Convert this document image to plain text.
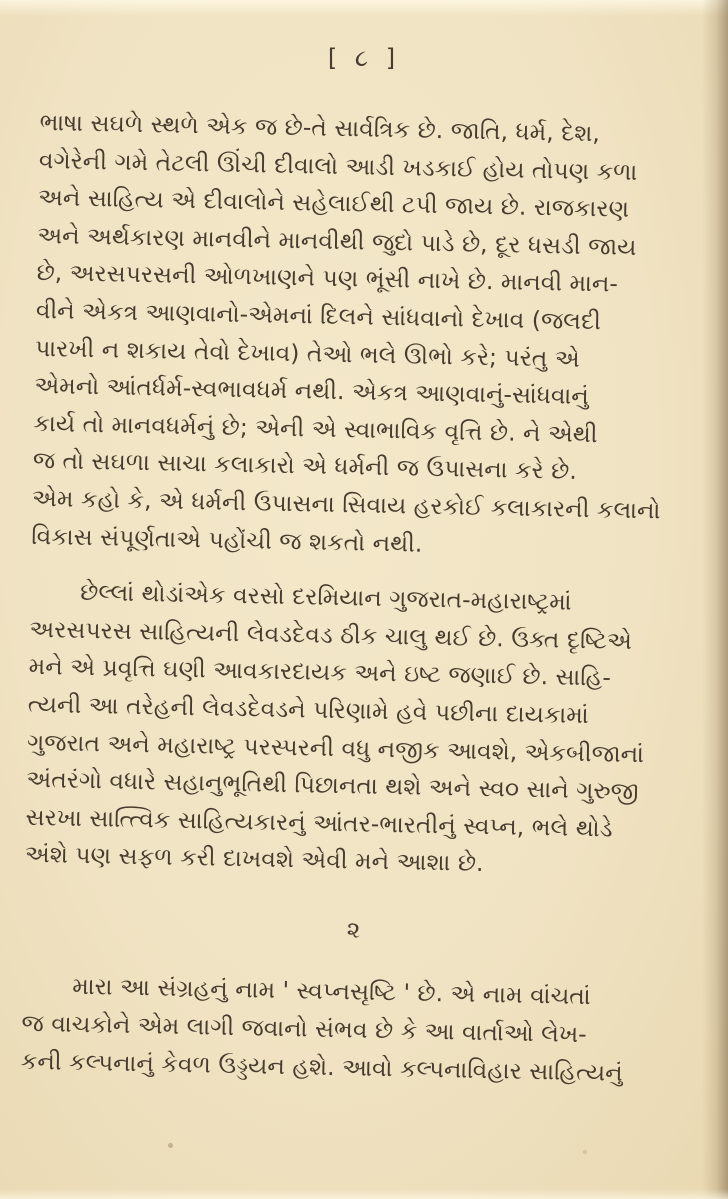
[ ૮ ]
ભાષા સઘળે સ્થળે એક જ છે-તે સાર્વત્રિક છે. જાતિ, ધર્મ, દેશ,
વગેરેની ગમે તેટલી ઊંચી દીવાલો આડી ખડકાઈ હોય તોપણ કળા
અને સાહિત્ય એ દીવાલોને સહેલાઈથી ટપી જાય છે. રાજકારણ
અને અર્થકારણ માનવીને માનવીથી જુદો પાડે છે, દૂર ધસડી જાય
છે, અરસપરસની ઓળખાણને પણ ભૂંસી નાખે છે. માનવી માન-
વીને એકત્ર આણવાનો-એમનાં દિલને સાંધવાનો દેખાવ (જલદી
પારખી ન શકાય તેવો દેખાવ) તેઓ ભલે ઊભો કરે; પરંતુ એ
એમનો આંતર્ધર્મ-સ્વભાવધર્મ નથી. એકત્ર આણવાનું-સાંધવાનું
કાર્ય તો માનવધર્મનું છે; એની એ સ્વાભાવિક વૃત્તિ છે. ને એથી
જ તો સઘળા સાચા કલાકારો એ ધર્મની જ ઉપાસના કરે છે.
એમ કહો કે, એ ધર્મની ઉપાસના સિવાય હરકોઈ કલાકારની કલાનો
વિકાસ સંપૂર્ણતાએ પહોંચી જ શકતો નથી.
છેલ્લાં થોડાંએક વરસો દરમિયાન ગુજરાત-મહારાષ્ટ્રમાં
અરસપરસ સાહિત્યની લેવડદેવડ ઠીક ચાલુ થઈ છે. ઉક્ત દૃષ્ટિએ
મને એ પ્રવૃત્તિ ઘણી આવકારદાયક અને ઇષ્ટ જણાઈ છે. સાહિ-
ત્યની આ તરેહની લેવડદેવડને પરિણામે હવે પછીના દાયકામાં
ગુજરાત અને મહારાષ્ટ્ર પરસ્પરની વધુ નજીક આવશે, એકબીજાનાં
અંતરંગો વધારે સહાનુભૂતિથી પિછાનતા થશે અને સ્વ૦ સાને ગુરુજી
સરખા સાત્ત્વિક સાહિત્યકારનું આંતર-ભારતીનું સ્વપ્ન, ભલે થોડે
અંશે પણ સફળ કરી દાખવશે એવી મને આશા છે.
૨
મારા આ સંગ્રહનું નામ ' સ્વપ્નસૃષ્ટિ ' છે. એ નામ વાંચતાં
જ વાચકોને એમ લાગી જવાનો સંભવ છે કે આ વાર્તાઓ લેખ-
કની કલ્પનાનું કેવળ ઉડ્ડયન હશે. આવો કલ્પનાવિહાર સાહિત્યનું
